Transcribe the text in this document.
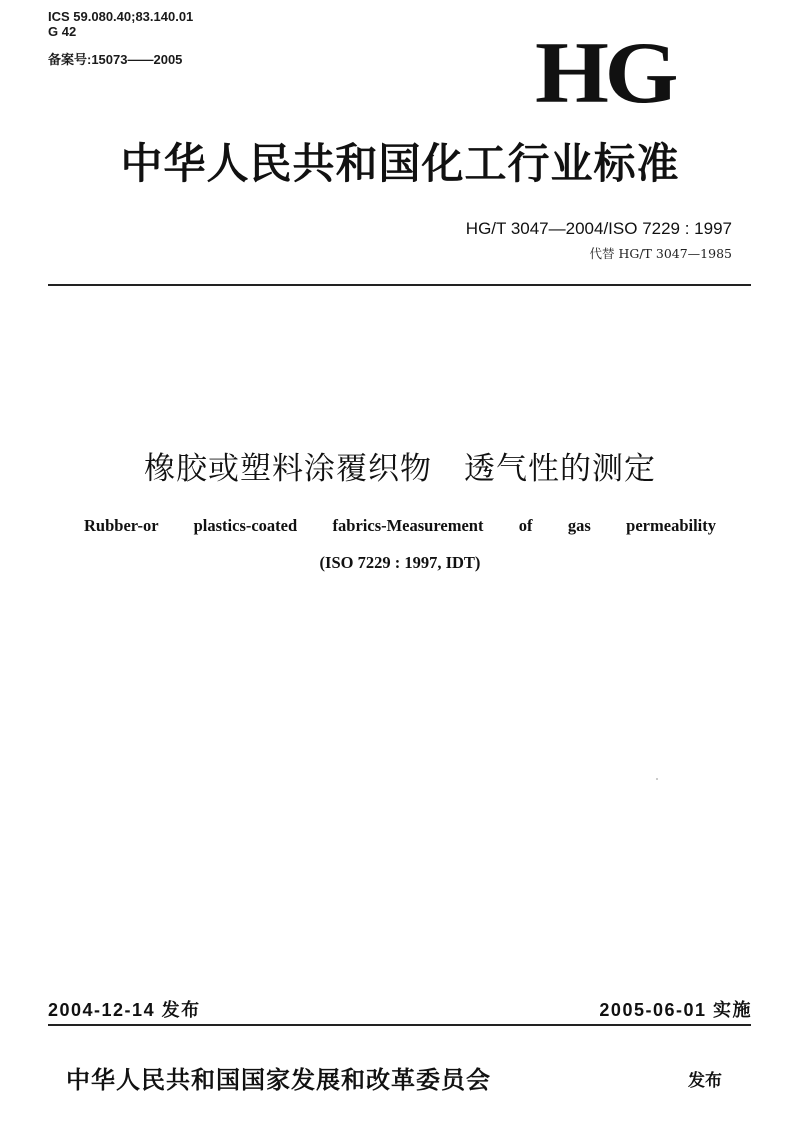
ICS 59.080.40;83.140.01
G 42
备案号:15073——2005	HG
中华人民共和国化工行业标准
HG/T 3047—2004/ISO 7229 : 1997
代替 HG/T 3047—1985
橡胶或塑料涂覆织物　透气性的测定
Rubber-or plastics-coated fabrics-Measurement of gas permeability
(ISO 7229 : 1997, IDT)
2004-12-14 发布	2005-06-01 实施
中华人民共和国国家发展和改革委员会	发布
